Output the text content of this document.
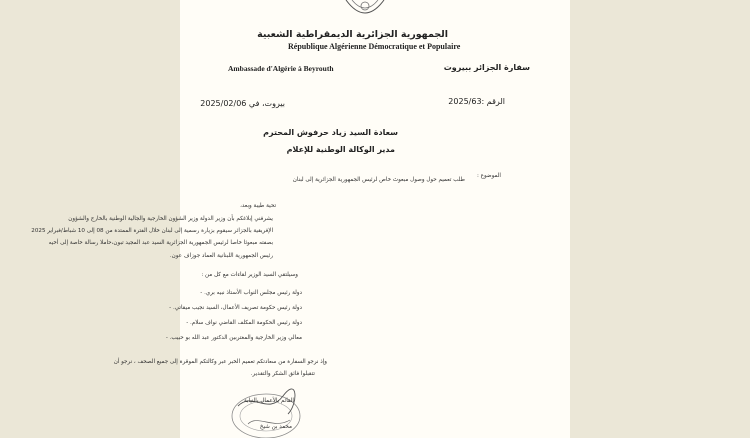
الجمهورية الجزائرية الديمقراطية الشعبية
République Algérienne Démocratique et Populaire
Ambassade d'Algérie à Beyrouth	سفارة الجزائر ببيروت
الرقم :2025/63
بيروت، في 2025/02/06
سعادة السيد زياد حرفوش المحترم
مدير الوكالة الوطنية للإعلام
الموضوع :
طلب تعميم حول وصول مبعوث خاص لرئيس الجمهورية الجزائرية إلى لبنان
تحية طيبة وبعد،
يشرفني إبلاغكم بأن وزير الدولة وزير الشؤون الخارجية والجالية الوطنية بالخارج والشؤون
الإفريقية بالجزائر سيقوم بزيارة رسمية إلى لبنان خلال الفترة الممتدة من 08 إلى 10 شباط/فبراير 2025
بصفته مبعوثا خاصا لرئيس الجمهورية الجزائرية السيد عبد المجيد تبون،حاملا رسالة خاصة إلى أخيه
رئيس الجمهورية اللبنانية العماد جوزاف عون.
وسيلتقي السيد الوزير لقاءات مع كل من :
دولة رئيس مجلس النواب الأستاذ نبيه بري. -
دولة رئيس حكومة تصريف الأعمال، السيد نجيب ميقاتي. -
دولة رئيس الحكومة المكلف القاضي نواف سلام. -
معالي وزير الخارجية والمغتربين الدكتور عبد الله بو حبيب. -
وإذ نرجو السفارة من سعادتكم تعميم الخبر عبر وكالتكم الموقرة إلى جميع الصحف ، نرجو أن
تتقبلوا فائق الشكر والتقدير.
القائم بالأعمال بالنيابة
محمد بن شيخ
